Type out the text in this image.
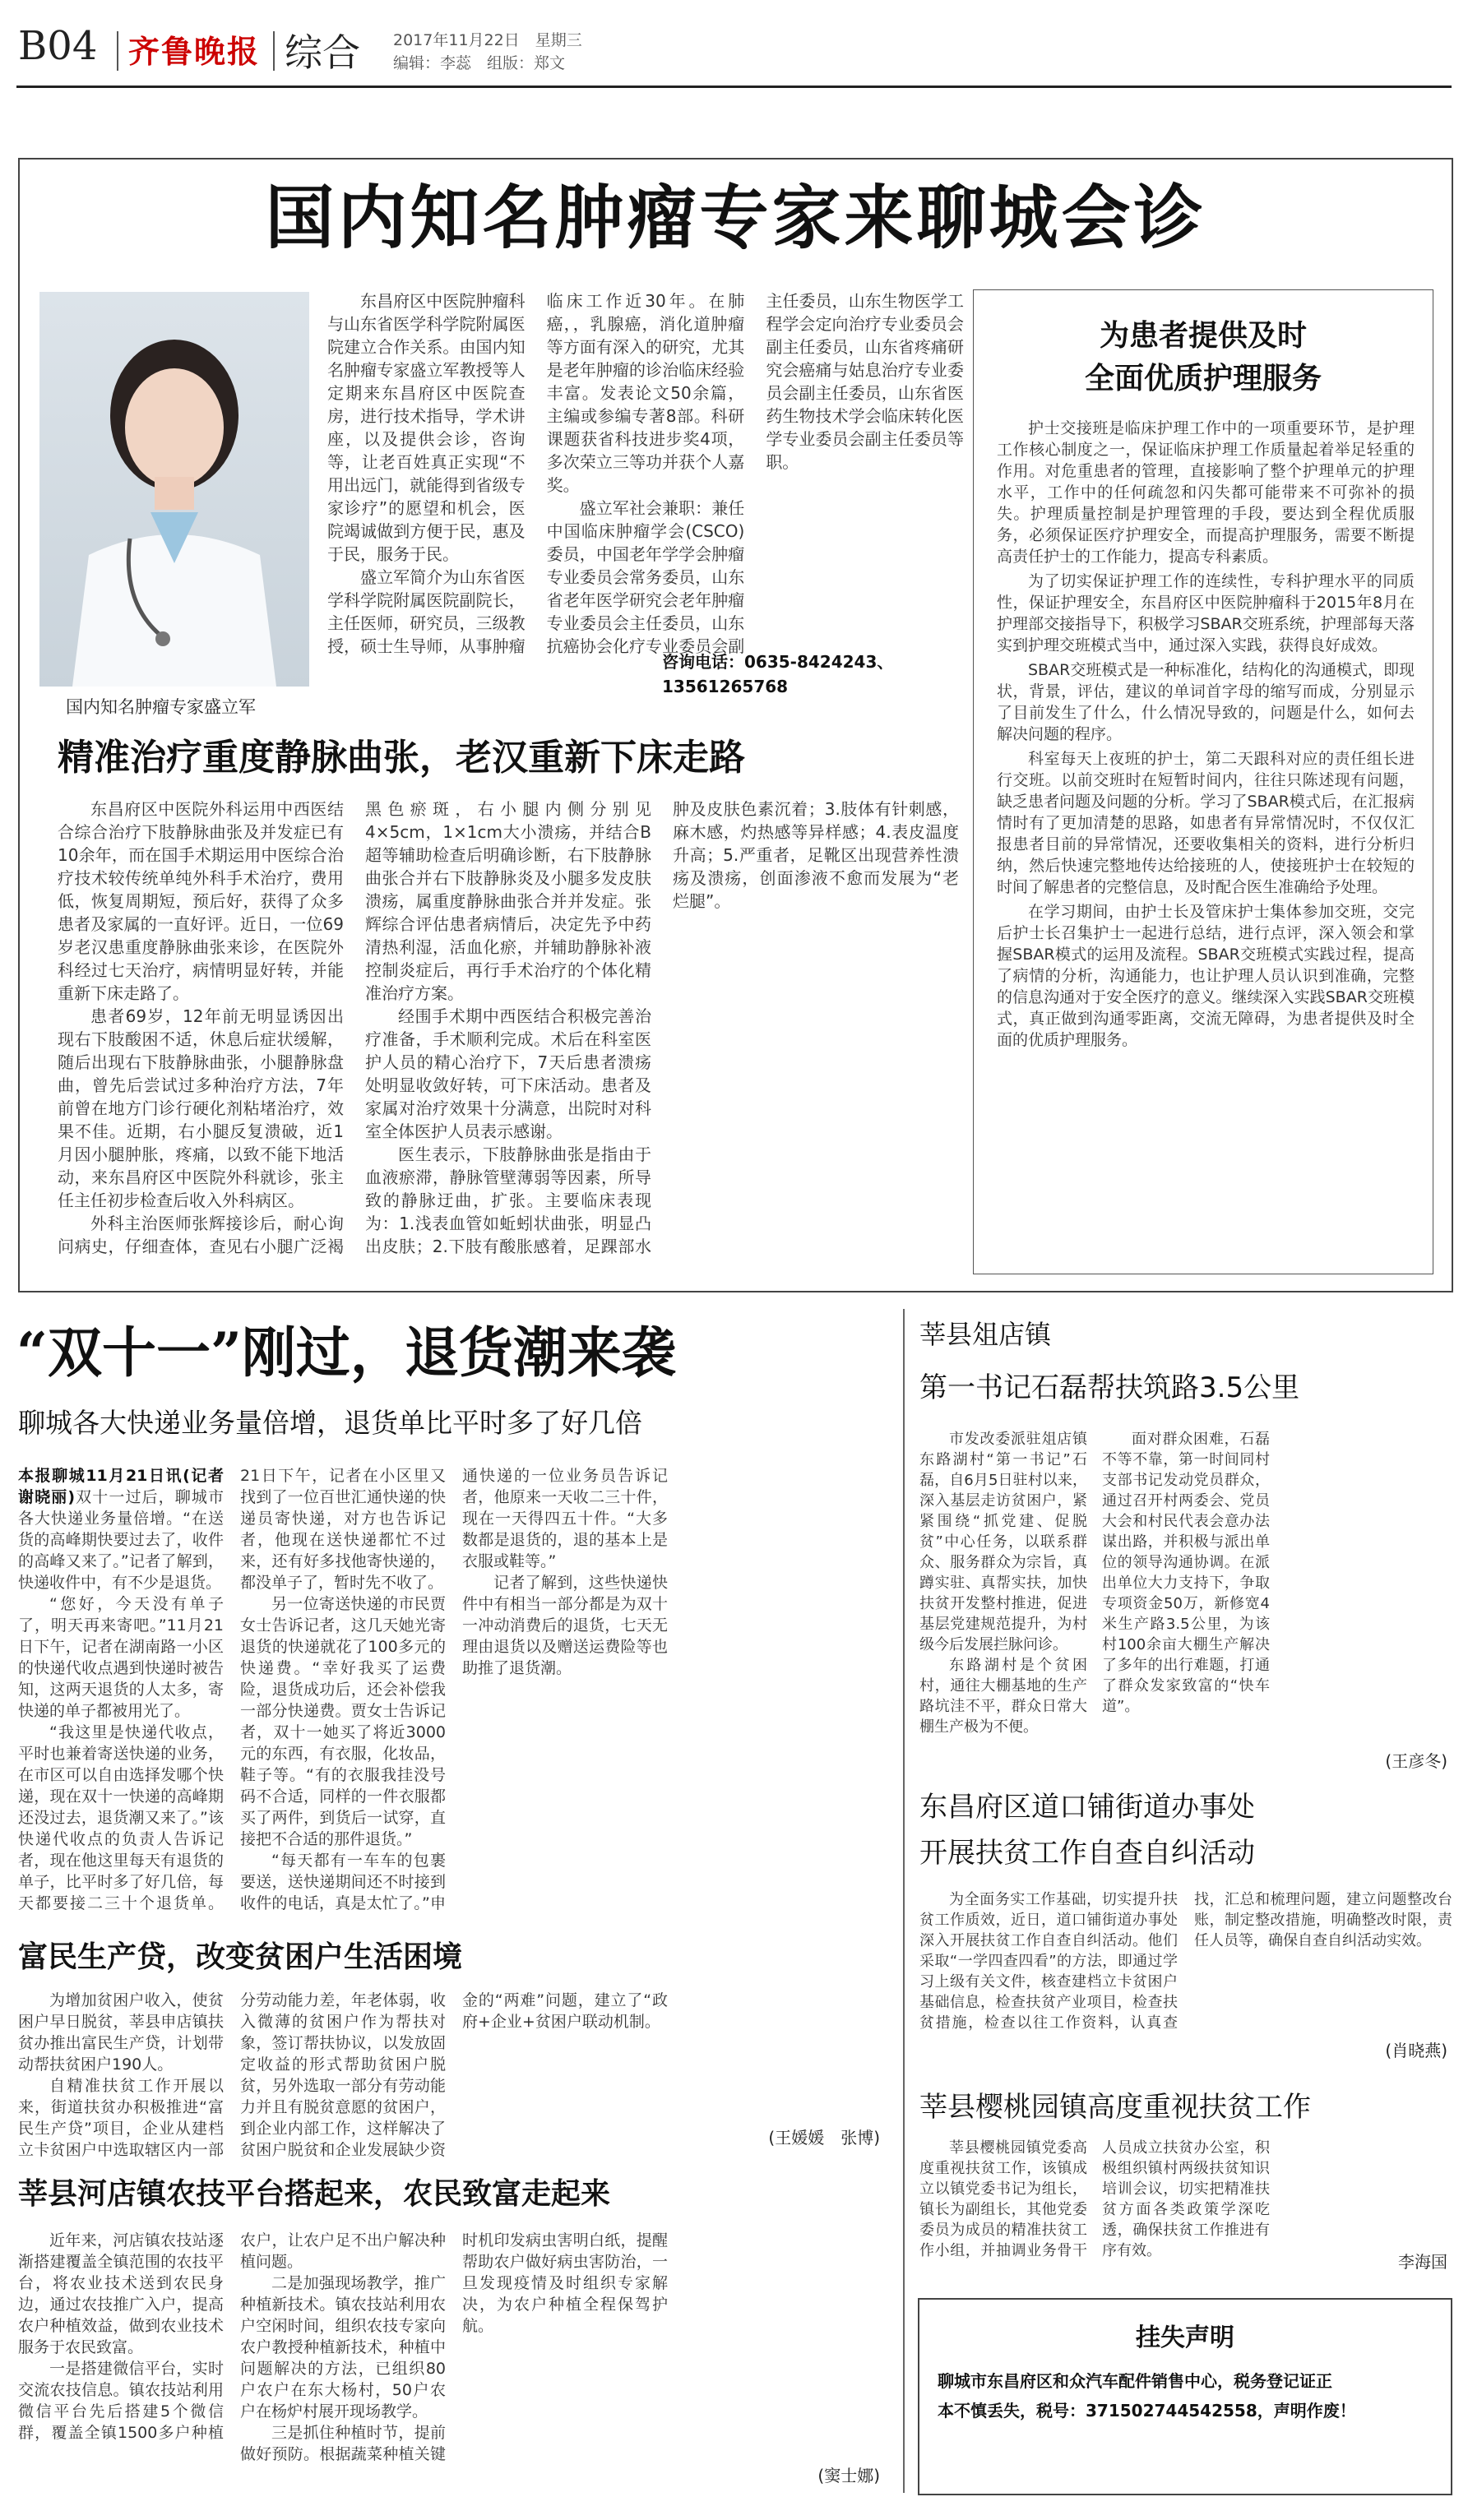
B04 齐鲁晚报 综合 2017年11月22日　星期三
编辑：李蕊　组版：郑文
国内知名肿瘤专家来聊城会诊
国内知名肿瘤专家盛立军

东昌府区中医院肿瘤科与山东省医学科学院附属医院建立合作关系。由国内知名肿瘤专家盛立军教授等人定期来东昌府区中医院查房，进行技术指导，学术讲座，以及提供会诊，咨询等，让老百姓真正实现“不用出远门，就能得到省级专家诊疗”的愿望和机会，医院竭诚做到方便于民，惠及于民，服务于民。

盛立军简介为山东省医学科学院附属医院副院长，主任医师，研究员，三级教授，硕士生导师，从事肿瘤临床工作近30年。在肺癌，，乳腺癌，消化道肿瘤等方面有深入的研究，尤其是老年肿瘤的诊治临床经验丰富。发表论文50余篇，主编或参编专著8部。科研课题获省科技进步奖4项，多次荣立三等功并获个人嘉奖。

盛立军社会兼职：兼任中国临床肿瘤学会(CSCO)委员，中国老年学学会肿瘤专业委员会常务委员，山东省老年医学研究会老年肿瘤专业委员会主任委员，山东抗癌协会化疗专业委员会副主任委员，山东生物医学工程学会定向治疗专业委员会副主任委员，山东省疼痛研究会癌痛与姑息治疗专业委员会副主任委员，山东省医药生物技术学会临床转化医学专业委员会副主任委员等职。

咨询电话：0635-8424243、13561265768
为患者提供及时
全面优质护理服务

护士交接班是临床护理工作中的一项重要环节，是护理工作核心制度之一，保证临床护理工作质量起着举足轻重的作用。对危重患者的管理，直接影响了整个护理单元的护理水平，工作中的任何疏忽和闪失都可能带来不可弥补的损失。护理质量控制是护理管理的手段，要达到全程优质服务，必须保证医疗护理安全，而提高护理服务，需要不断提高责任护士的工作能力，提高专科素质。

为了切实保证护理工作的连续性，专科护理水平的同质性，保证护理安全，东昌府区中医院肿瘤科于2015年8月在护理部交接指导下，积极学习SBAR交班系统，护理部每天落实到护理交班模式当中，通过深入实践，获得良好成效。

SBAR交班模式是一种标准化，结构化的沟通模式，即现状，背景，评估，建议的单词首字母的缩写而成，分别显示了目前发生了什么，什么情况导致的，问题是什么，如何去解决问题的程序。

科室每天上夜班的护士，第二天跟科对应的责任组长进行交班。以前交班时在短暂时间内，往往只陈述现有问题，缺乏患者问题及问题的分析。学习了SBAR模式后，在汇报病情时有了更加清楚的思路，如患者有异常情况时，不仅仅汇报患者目前的异常情况，还要收集相关的资料，进行分析归纳，然后快速完整地传达给接班的人，使接班护士在较短的时间了解患者的完整信息，及时配合医生准确给予处理。

在学习期间，由护士长及管床护士集体参加交班，交完后护士长召集护士一起进行总结，进行点评，深入领会和掌握SBAR模式的运用及流程。SBAR交班模式实践过程，提高了病情的分析，沟通能力，也让护理人员认识到准确，完整的信息沟通对于安全医疗的意义。继续深入实践SBAR交班模式，真正做到沟通零距离，交流无障碍，为患者提供及时全面的优质护理服务。

精准治疗重度静脉曲张，老汉重新下床走路

东昌府区中医院外科运用中西医结合综合治疗下肢静脉曲张及并发症已有10余年，而在国手术期运用中医综合治疗技术较传统单纯外科手术治疗，费用低，恢复周期短，预后好，获得了众多患者及家属的一直好评。近日，一位69岁老汉患重度静脉曲张来诊，在医院外科经过七天治疗，病情明显好转，并能重新下床走路了。

患者69岁，12年前无明显诱因出现右下肢酸困不适，休息后症状缓解，随后出现右下肢静脉曲张，小腿静脉盘曲，曾先后尝试过多种治疗方法，7年前曾在地方门诊行硬化剂粘堵治疗，效果不佳。近期，右小腿反复溃破，近1月因小腿肿胀，疼痛，以致不能下地活动，来东昌府区中医院外科就诊，张主任主任初步检查后收入外科病区。

外科主治医师张辉接诊后，耐心询问病史，仔细查体，查见右小腿广泛褐黑色瘀斑，右小腿内侧分别见4×5cm，1×1cm大小溃疡，并结合B超等辅助检查后明确诊断，右下肢静脉曲张合并右下肢静脉炎及小腿多发皮肤溃疡，属重度静脉曲张合并并发症。张辉综合评估患者病情后，决定先予中药清热利湿，活血化瘀，并辅助静脉补液控制炎症后，再行手术治疗的个体化精准治疗方案。

经围手术期中西医结合积极完善治疗准备，手术顺利完成。术后在科室医护人员的精心治疗下，7天后患者溃疡处明显收敛好转，可下床活动。患者及家属对治疗效果十分满意，出院时对科室全体医护人员表示感谢。

医生表示，下肢静脉曲张是指由于血液瘀滞，静脉管壁薄弱等因素，所导致的静脉迂曲，扩张。主要临床表现为：1.浅表血管如蚯蚓状曲张，明显凸出皮肤；2.下肢有酸胀感着，足踝部水肿及皮肤色素沉着；3.肢体有针刺感，麻木感，灼热感等异样感；4.表皮温度升高；5.严重者，足靴区出现营养性溃疡及溃疡，创面渗液不愈而发展为“老烂腿”。

“双十一”刚过，退货潮来袭
聊城各大快递业务量倍增，退货单比平时多了好几倍

本报聊城11月21日讯(记者　谢晓丽)双十一过后，聊城市各大快递业务量倍增。“在送货的高峰期快要过去了，收件的高峰又来了。”记者了解到，快递收件中，有不少是退货。

“您好，今天没有单子了，明天再来寄吧。”11月21日下午，记者在湖南路一小区的快递代收点遇到快递时被告知，这两天退货的人太多，寄快递的单子都被用光了。

“我这里是快递代收点，平时也兼着寄送快递的业务，在市区可以自由选择发哪个快递，现在双十一快递的高峰期还没过去，退货潮又来了。”该快递代收点的负责人告诉记者，现在他这里每天有退货的单子，比平时多了好几倍，每天都要接二三十个退货单。21日下午，记者在小区里又找到了一位百世汇通快递的快递员寄快递，对方也告诉记者，他现在送快递都忙不过来，还有好多找他寄快递的，都没单子了，暂时先不收了。

另一位寄送快递的市民贾女士告诉记者，这几天她光寄退货的快递就花了100多元的快递费。“幸好我买了运费险，退货成功后，还会补偿我一部分快递费。贾女士告诉记者，双十一她买了将近3000元的东西，有衣服，化妆品，鞋子等。“有的衣服我挂没号码不合适，同样的一件衣服都买了两件，到货后一试穿，直接把不合适的那件退货。”

“每天都有一车车的包裹要送，送快递期间还不时接到收件的电话，真是太忙了。”申通快递的一位业务员告诉记者，他原来一天收二三十件，现在一天得四五十件。“大多数都是退货的，退的基本上是衣服或鞋等。”

记者了解到，这些快递快件中有相当一部分都是为双十一冲动消费后的退货，七天无理由退货以及赠送运费险等也助推了退货潮。

富民生产贷，改变贫困户生活困境

为增加贫困户收入，使贫困户早日脱贫，莘县申店镇扶贫办推出富民生产贷，计划带动帮扶贫困户190人。

自精准扶贫工作开展以来，街道扶贫办积极推进“富民生产贷”项目，企业从建档立卡贫困户中选取辖区内一部分劳动能力差，年老体弱，收入微薄的贫困户作为帮扶对象，签订帮扶协议，以发放固定收益的形式帮助贫困户脱贫，另外选取一部分有劳动能力并且有脱贫意愿的贫困户，到企业内部工作，这样解决了贫困户脱贫和企业发展缺少资金的“两难”问题，建立了“政府+企业+贫困户联动机制。

(王媛媛　张博)
莘县河店镇农技平台搭起来，农民致富走起来

近年来，河店镇农技站逐渐搭建覆盖全镇范围的农技平台，将农业技术送到农民身边，通过农技推广入户，提高农户种植效益，做到农业技术服务于农民致富。

一是搭建微信平台，实时交流农技信息。镇农技站利用微信平台先后搭建5个微信群，覆盖全镇1500多户种植农户，让农户足不出户解决种植问题。

二是加强现场教学，推广种植新技术。镇农技站利用农户空闲时间，组织农技专家向农户教授种植新技术，种植中问题解决的方法，已组织80户农户在东大杨村，50户农户在杨炉村展开现场教学。

三是抓住种植时节，提前做好预防。根据蔬菜种植关键时机印发病虫害明白纸，提醒帮助农户做好病虫害防治，一旦发现疫情及时组织专家解决，为农户种植全程保驾护航。

(窦士娜)
莘县俎店镇
第一书记石磊帮扶筑路3.5公里

市发改委派驻俎店镇东路湖村“第一书记”石磊，自6月5日驻村以来，深入基层走访贫困户，紧紧围绕“抓党建、促脱贫”中心任务，以联系群众、服务群众为宗旨，真蹲实驻、真帮实扶，加快扶贫开发整村推进，促进基层党建规范提升，为村级今后发展拦脉问诊。

东路湖村是个贫困村，通往大棚基地的生产路坑洼不平，群众日常大棚生产极为不便。

面对群众困难，石磊不等不靠，第一时间同村支部书记发动党员群众，通过召开村两委会、党员大会和村民代表会意办法谋出路，并积极与派出单位的领导沟通协调。在派出单位大力支持下，争取专项资金50万，新修宽4米生产路3.5公里，为该村100余亩大棚生产解决了多年的出行难题，打通了群众发家致富的“快车道”。

(王彦冬)
东昌府区道口铺街道办事处
开展扶贫工作自查自纠活动

为全面务实工作基础，切实提升扶贫工作质效，近日，道口铺街道办事处深入开展扶贫工作自查自纠活动。他们采取“一学四查四看”的方法，即通过学习上级有关文件，核查建档立卡贫困户基础信息，检查扶贫产业项目，检查扶贫措施，检查以往工作资料，认真查找，汇总和梳理问题，建立问题整改台账，制定整改措施，明确整改时限，责任人员等，确保自查自纠活动实效。

(肖晓燕)
莘县樱桃园镇高度重视扶贫工作

莘县樱桃园镇党委高度重视扶贫工作，该镇成立以镇党委书记为组长，镇长为副组长，其他党委委员为成员的精准扶贫工作小组，并抽调业务骨干人员成立扶贫办公室，积极组织镇村两级扶贫知识培训会议，切实把精准扶贫方面各类政策学深吃透，确保扶贫工作推进有序有效。

李海国
挂失声明
聊城市东昌府区和众汽车配件销售中心，税务登记证正
本不慎丢失，税号：371502744542558，声明作废！
